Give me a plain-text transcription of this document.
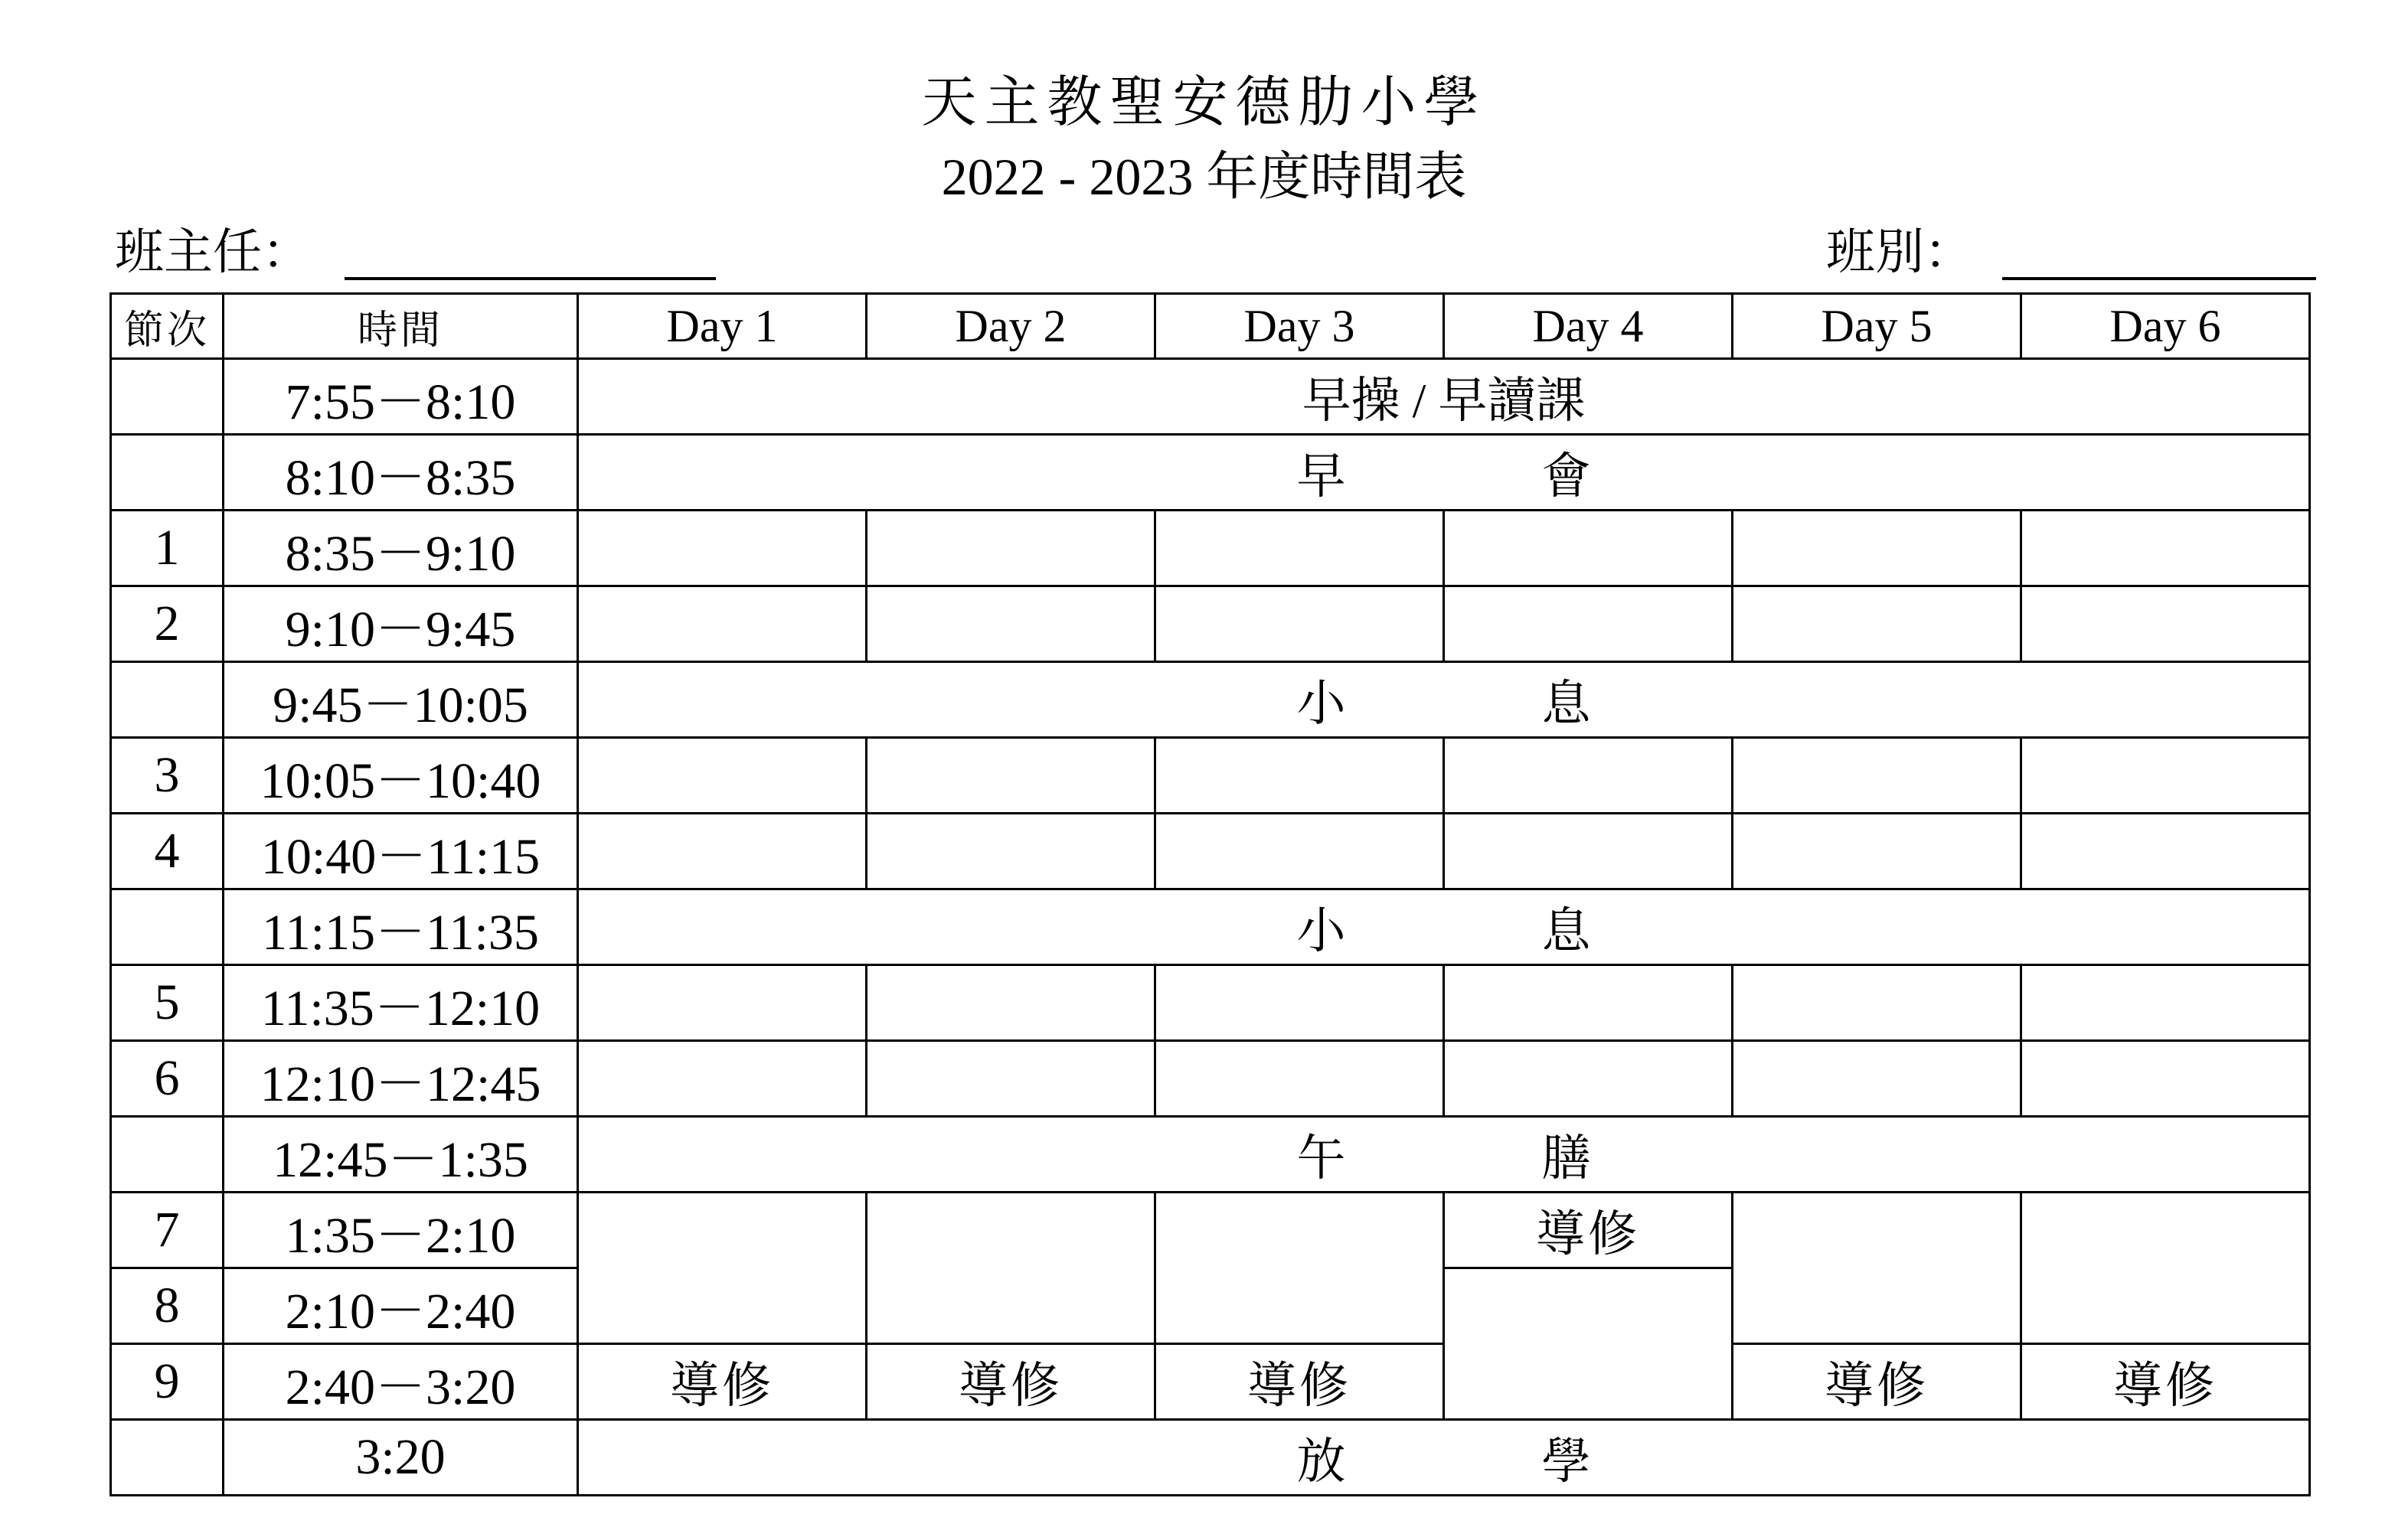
天主教聖安德肋小學
2022 - 2023 年度時間表
班主任：	班別：
節次	時間	Day 1	Day 2	Day 3	Day 4	Day 5	Day 6
	7:55－8:10	早操 / 早讀課					
	8:10－8:35	早 會					
1	8:35－9:10						
2	9:10－9:45						
	9:45－10:05	小 息					
3	10:05－10:40						
4	10:40－11:15						
	11:15－11:35	小 息					
5	11:35－12:10						
6	12:10－12:45						
	12:45－1:35	午 膳					
7	1:35－2:10				導修		
8	2:10－2:40						
9	2:40－3:20	導修	導修	導修		導修	導修
	3:20	放 學					
